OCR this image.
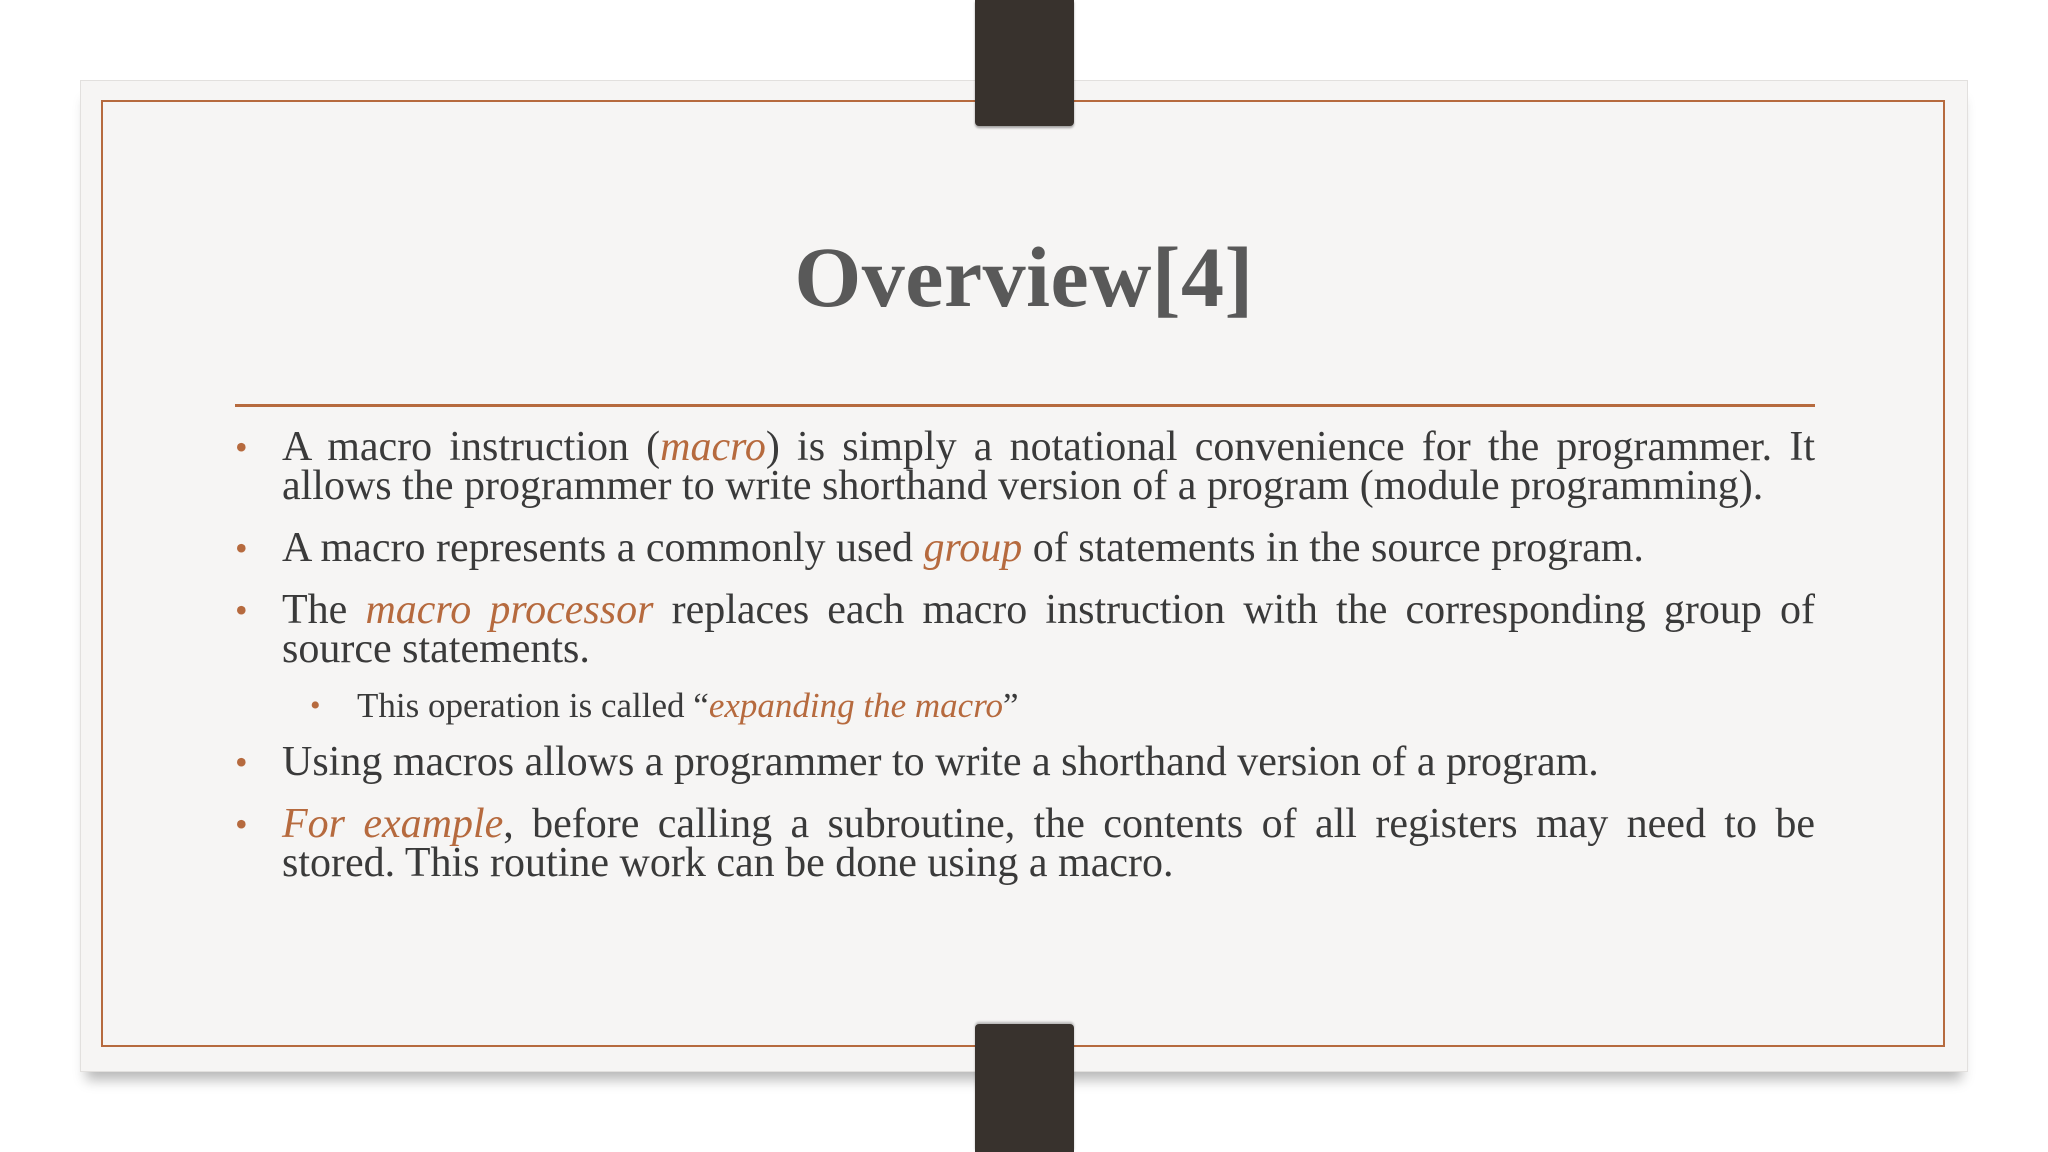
Overview[4]
• A macro instruction (macro) is simply a notational convenience for the programmer. It allows the programmer to write shorthand version of a program (module programming).
• A macro represents a commonly used group of statements in the source program.
• The macro processor replaces each macro instruction with the corresponding group of source statements.
• This operation is called “expanding the macro”
• Using macros allows a programmer to write a shorthand version of a program.
• For example, before calling a subroutine, the contents of all registers may need to be stored. This routine work can be done using a macro.
